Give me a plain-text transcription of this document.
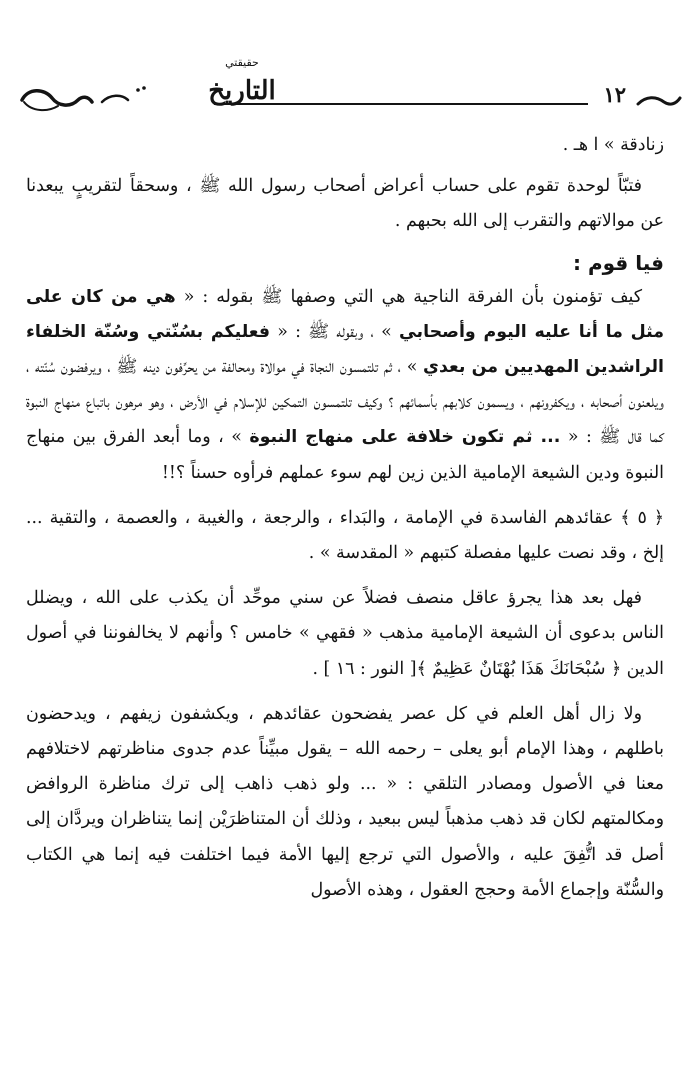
حقيقتي
التاريخ	١٢

زنادقة » ا هـ .

فتبّاً لوحدة تقوم على حساب أعراض أصحاب رسول الله ﷺ ، وسحقاً لتقريبٍ يبعدنا عن موالاتهم والتقرب إلى الله بحبهم .

فيا قوم :

كيف تؤمنون بأن الفرقة الناجية هي التي وصفها ﷺ بقوله : « هي من كان على مثل ما أنا عليه اليوم وأصحابي » ، وبقوله ﷺ : « فعليكم بسُنّتي وسُنّة الخلفاء الراشدين المهديين من بعدي » ، ثم تلتمسون النجاة في موالاة ومحالفة من يحرِّفون دينه ﷺ ، ويرفضون سُنّته ، ويلعنون أصحابه ، ويكفرونهم ، ويسمون كلابهم بأسمائهم ؟ وكيف تلتمسون التمكين للإسلام في الأرض ، وهو مرهون باتباع منهاج النبوة كما قال ﷺ : « ... ثم تكون خلافة على منهاج النبوة » ، وما أبعد الفرق بين منهاج النبوة ودين الشيعة الإمامية الذين زين لهم سوء عملهم فرأوه حسناً ؟!!

﴿ ٥ ﴾ عقائدهم الفاسدة في الإمامة ، والبَداء ، والرجعة ، والغيبة ، والعصمة ، والتقية ... إلخ ، وقد نصت عليها مفصلة كتبهم « المقدسة » .

فهل بعد هذا يجرؤ عاقل منصف فضلاً عن سني موحِّد أن يكذب على الله ، ويضلل الناس بدعوى أن الشيعة الإمامية مذهب « فقهي » خامس ؟ وأنهم لا يخالفوننا في أصول الدين ﴿ سُبْحَانَكَ هَذَا بُهْتَانٌ عَظِيمٌ ﴾[ النور : ١٦ ] .

ولا زال أهل العلم في كل عصر يفضحون عقائدهم ، ويكشفون زيفهم ، ويدحضون باطلهم ، وهذا الإمام أبو يعلى – رحمه الله – يقول مبيِّناً عدم جدوى مناظرتهم لاختلافهم معنا في الأصول ومصادر التلقي : « ... ولو ذهب ذاهب إلى ترك مناظرة الروافض ومكالمتهم لكان قد ذهب مذهباً ليس ببعيد ، وذلك أن المتناظرَيْن إنما يتناظران ويردَّان إلى أصل قد اتُّفِقَ عليه ، والأصول التي ترجع إليها الأمة فيما اختلفت فيه إنما هي الكتاب والسُّنّة وإجماع الأمة وحجج العقول ، وهذه الأصول
